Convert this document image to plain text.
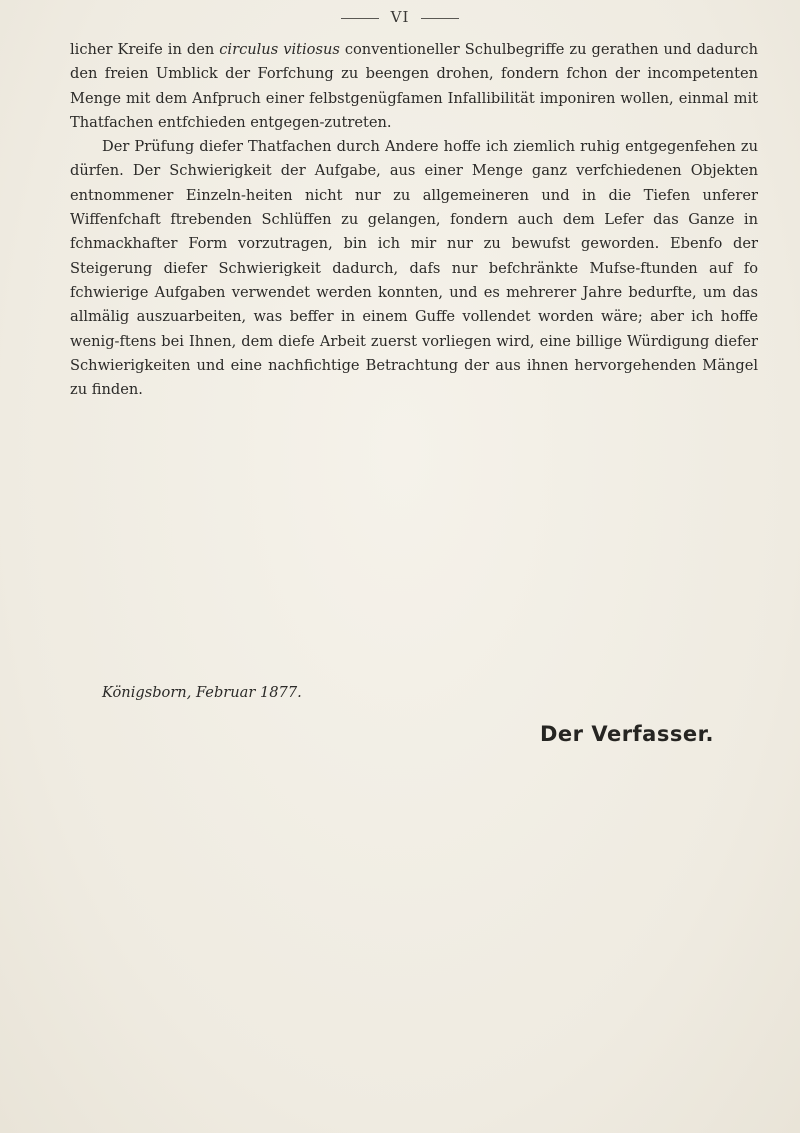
VI

licher Kreife in den circulus vitiosus conventioneller Schulbegriffe zu gerathen und dadurch den freien Umblick der Forfchung zu beengen drohen, fondern fchon der incompetenten Menge mit dem Anfpruch einer felbstgenügfamen Infallibilität imponiren wollen, einmal mit Thatfachen entfchieden entgegen-zutreten.

Der Prüfung diefer Thatfachen durch Andere hoffe ich ziemlich ruhig entgegenfehen zu dürfen. Der Schwierigkeit der Aufgabe, aus einer Menge ganz verfchiedenen Objekten entnommener Einzeln-heiten nicht nur zu allgemeineren und in die Tiefen unferer Wiffenfchaft ftrebenden Schlüffen zu gelangen, fondern auch dem Lefer das Ganze in fchmackhafter Form vorzutragen, bin ich mir nur zu bewufst geworden. Ebenfo der Steigerung diefer Schwierigkeit dadurch, dafs nur befchränkte Mufse-ftunden auf fo fchwierige Aufgaben verwendet werden konnten, und es mehrerer Jahre bedurfte, um das allmälig auszuarbeiten, was beffer in einem Guffe vollendet worden wäre; aber ich hoffe wenig-ftens bei Ihnen, dem diefe Arbeit zuerst vorliegen wird, eine billige Würdigung diefer Schwierigkeiten und eine nachfichtige Betrachtung der aus ihnen hervorgehenden Mängel zu finden.

Königsborn, Februar 1877.
Der Verfasser.
